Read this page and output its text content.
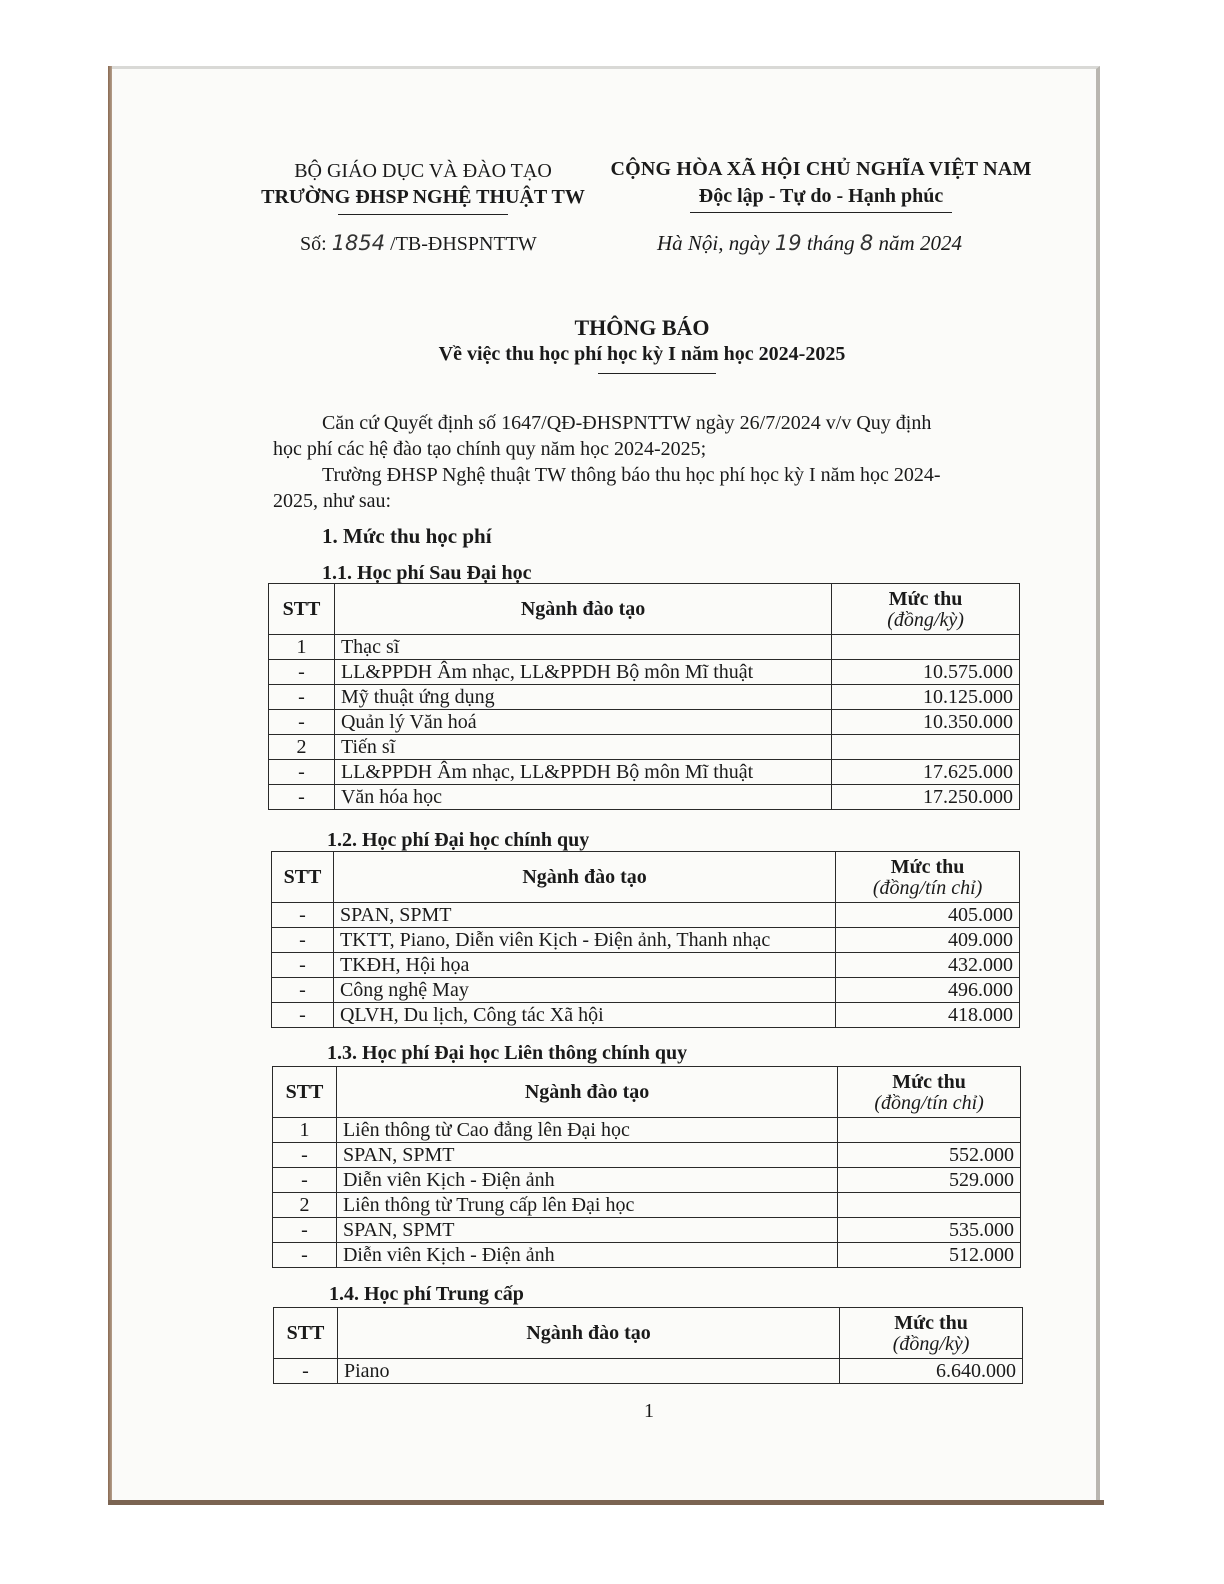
BỘ GIÁO DỤC VÀ ĐÀO TẠO
TRƯỜNG ĐHSP NGHỆ THUẬT TW
CỘNG HÒA XÃ HỘI CHỦ NGHĨA VIỆT NAM
Độc lập - Tự do - Hạnh phúc
Số: 1854 /TB-ĐHSPNTTW	Hà Nội, ngày 19 tháng 8 năm 2024
THÔNG BÁO
Về việc thu học phí học kỳ I năm học 2024-2025
Căn cứ Quyết định số 1647/QĐ-ĐHSPNTTW ngày 26/7/2024 v/v Quy định
học phí các hệ đào tạo chính quy năm học 2024-2025;
Trường ĐHSP Nghệ thuật TW thông báo thu học phí học kỳ I năm học 2024-
2025, như sau:
1. Mức thu học phí
1.1. Học phí Sau Đại học
STT	Ngành đào tạo	Mức thu
(đồng/kỳ)

1	Thạc sĩ	
-	LL&PPDH Âm nhạc, LL&PPDH Bộ môn Mĩ thuật	10.575.000
-	Mỹ thuật ứng dụng	10.125.000
-	Quản lý Văn hoá	10.350.000
2	Tiến sĩ	
-	LL&PPDH Âm nhạc, LL&PPDH Bộ môn Mĩ thuật	17.625.000
-	Văn hóa học	17.250.000
1.2. Học phí Đại học chính quy
STT	Ngành đào tạo	Mức thu
(đồng/tín chỉ)

-	SPAN, SPMT	405.000
-	TKTT, Piano, Diễn viên Kịch - Điện ảnh, Thanh nhạc	409.000
-	TKĐH, Hội họa	432.000
-	Công nghệ May	496.000
-	QLVH, Du lịch, Công tác Xã hội	418.000
1.3. Học phí Đại học Liên thông chính quy
STT	Ngành đào tạo	Mức thu
(đồng/tín chỉ)

1	Liên thông từ Cao đẳng lên Đại học	
-	SPAN, SPMT	552.000
-	Diễn viên Kịch - Điện ảnh	529.000
2	Liên thông từ Trung cấp lên Đại học	
-	SPAN, SPMT	535.000
-	Diễn viên Kịch - Điện ảnh	512.000
1.4. Học phí Trung cấp
STT	Ngành đào tạo	Mức thu
(đồng/kỳ)

-	Piano	6.640.000
1
